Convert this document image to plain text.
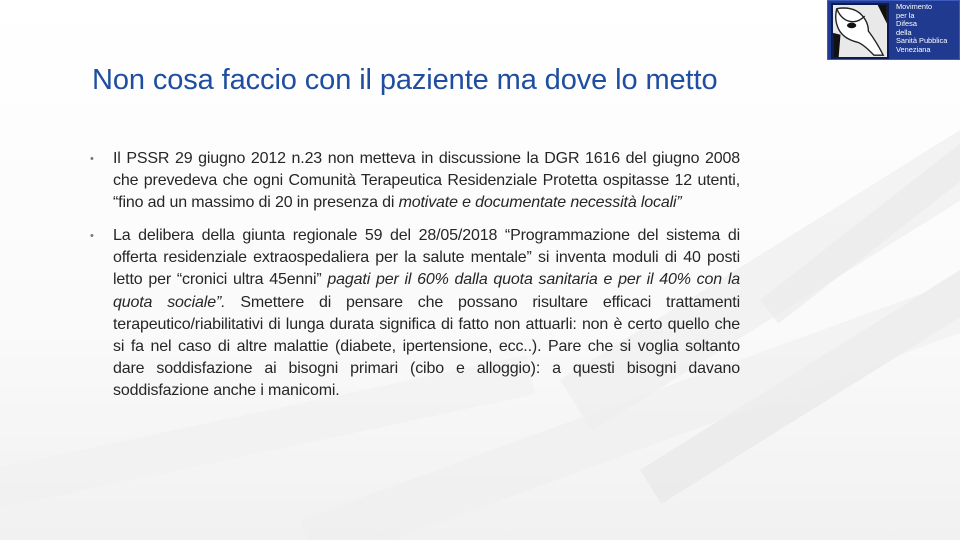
Movimento
per la
Difesa
della
Sanità Pubblica
Veneziana
Non cosa faccio con il paziente ma dove lo metto
• Il PSSR 29 giugno 2012 n.23 non metteva in discussione la DGR 1616 del giugno 2008 che prevedeva che ogni Comunità Terapeutica Residenziale Protetta ospitasse 12 utenti, “fino ad un massimo di 20 in presenza di motivate e documentate necessità locali”
• La delibera della giunta regionale 59 del 28/05/2018 “Programmazione del sistema di offerta residenziale extraospedaliera per la salute mentale” si inventa moduli di 40 posti letto per “cronici ultra 45enni” pagati per il 60% dalla quota sanitaria e per il 40% con la quota sociale”. Smettere di pensare che possano risultare efficaci trattamenti terapeutico/riabilitativi di lunga durata significa di fatto non attuarli: non è certo quello che si fa nel caso di altre malattie (diabete, ipertensione, ecc..). Pare che si voglia soltanto dare soddisfazione ai bisogni primari (cibo e alloggio): a questi bisogni davano soddisfazione anche i manicomi.
